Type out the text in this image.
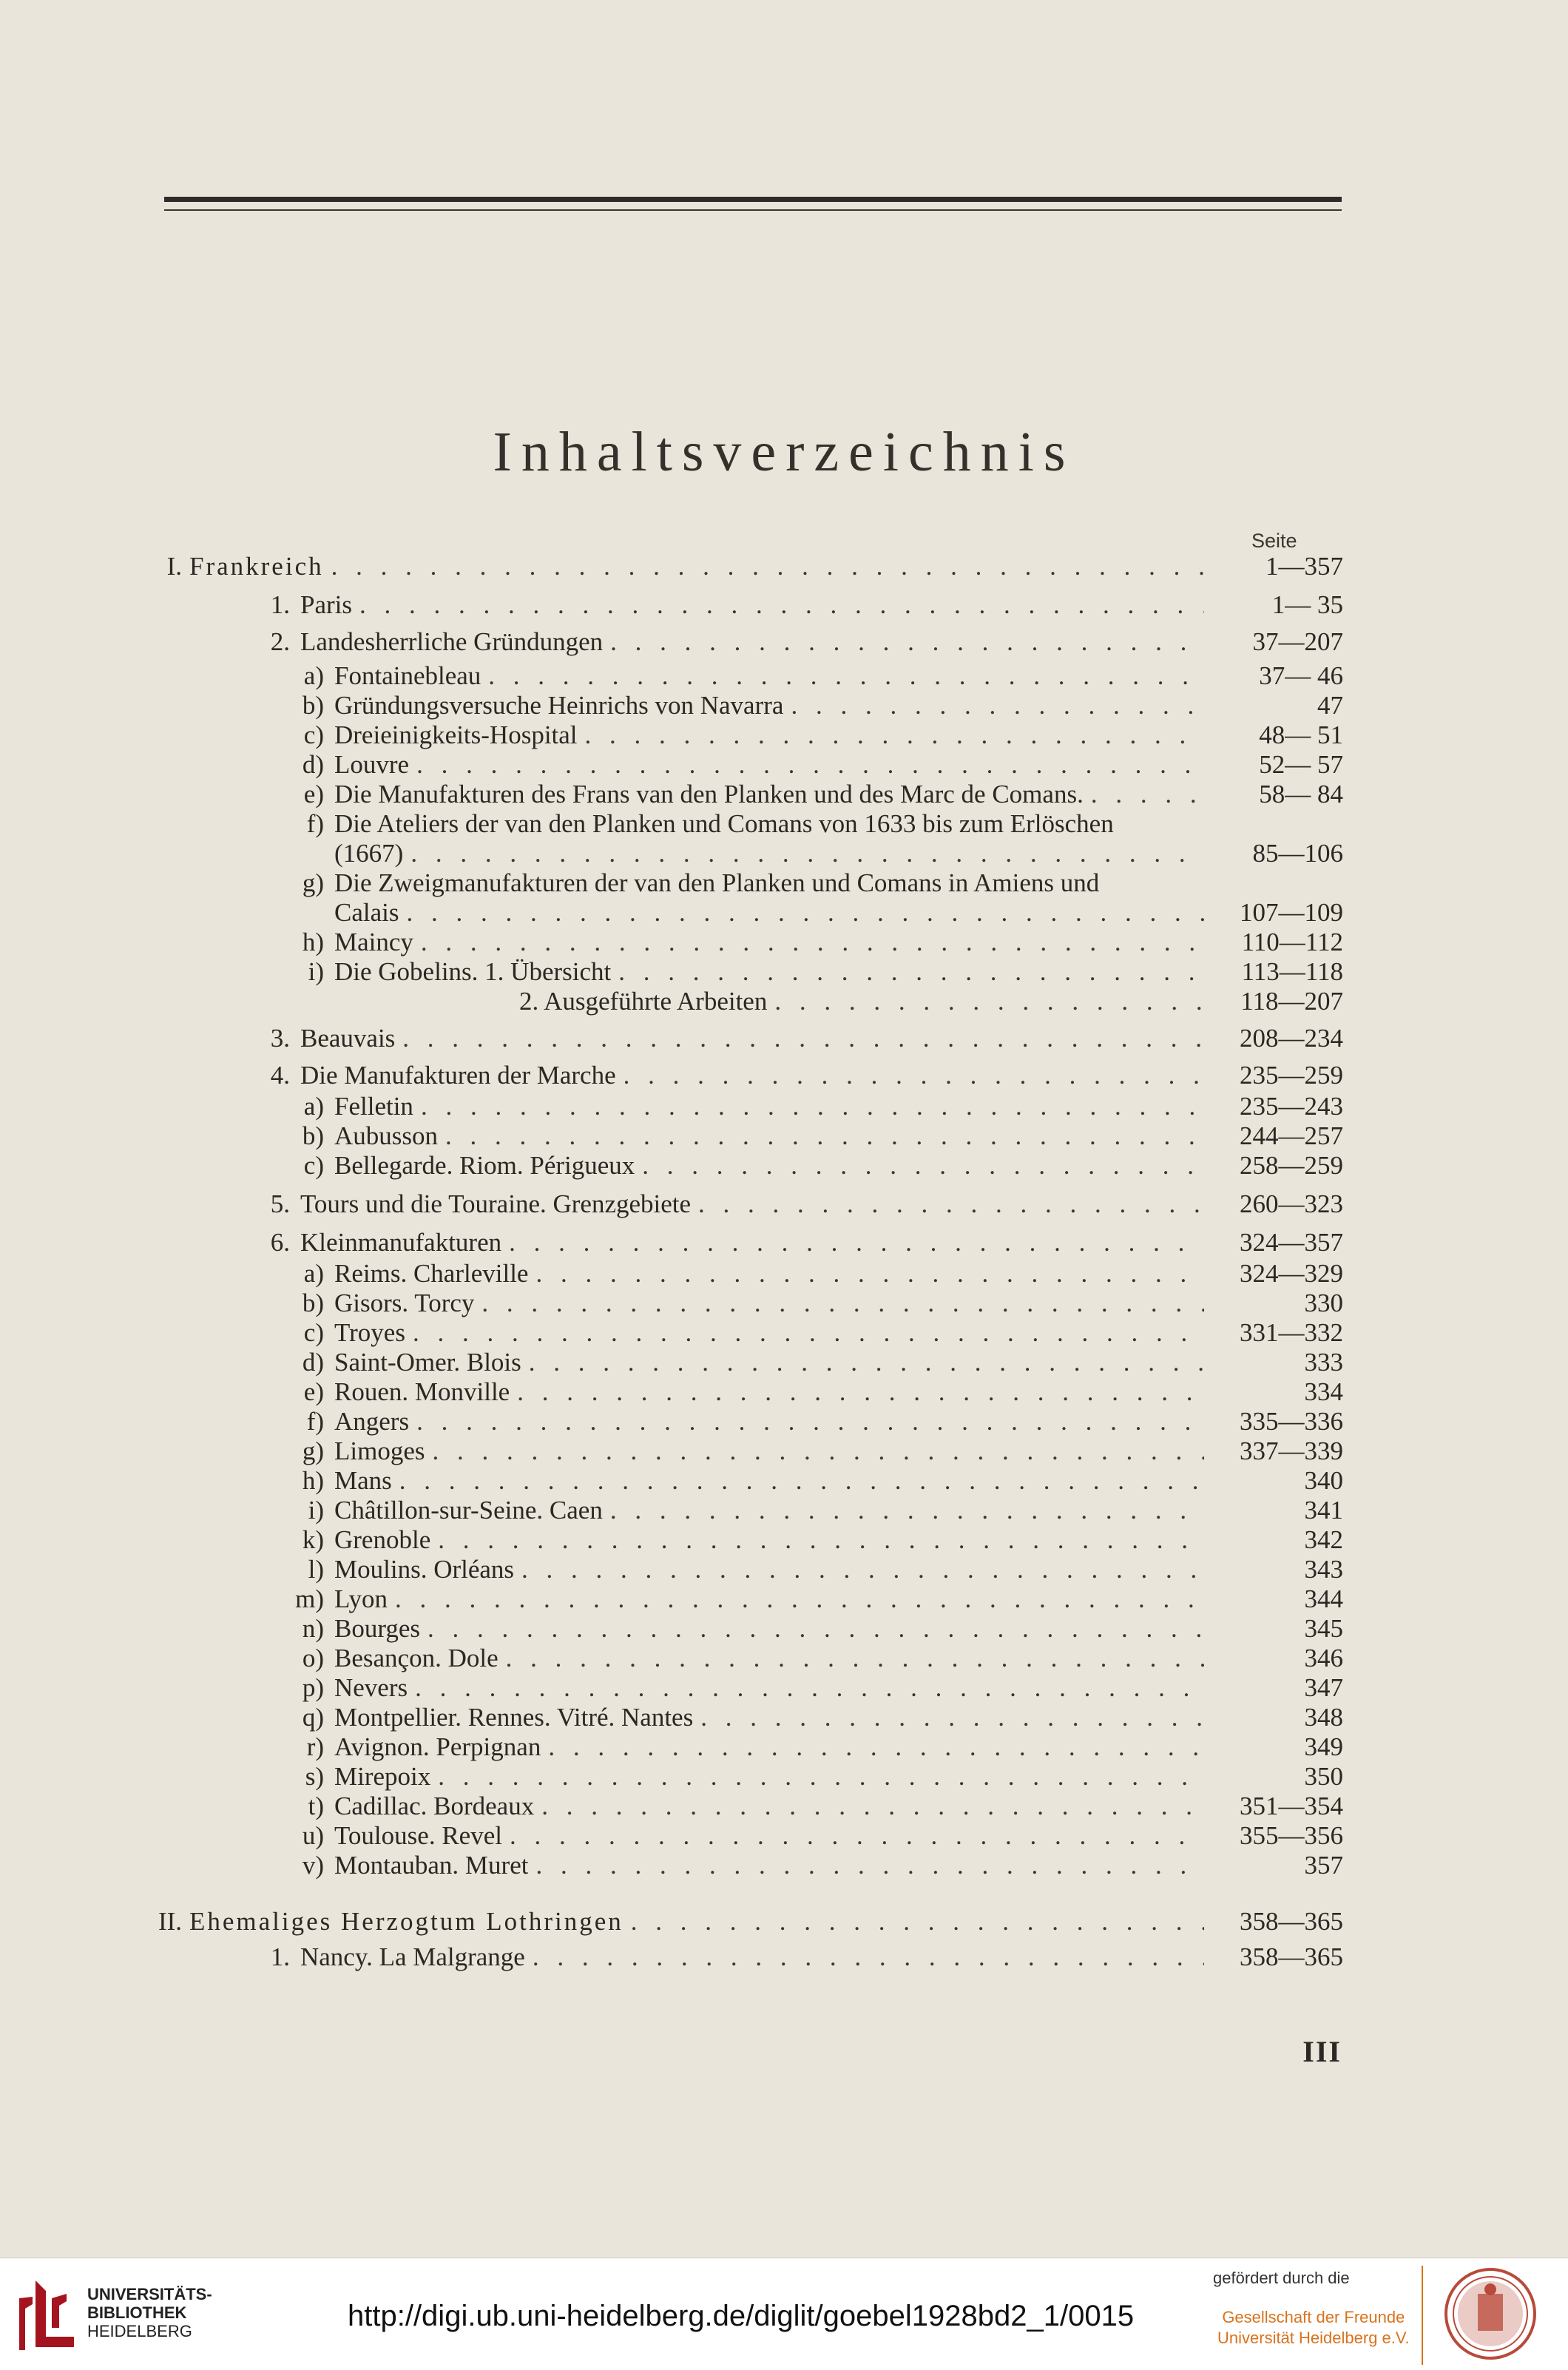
Inhaltsverzeichnis
Seite
I. Frankreich . . .	1—357
1. Paris . . .	1— 35
2. Landesherrliche Gründungen . . .	37—207
a) Fontainebleau . . .	37— 46
b) Gründungsversuche Heinrichs von Navarra . . .	47
c) Dreieinigkeits-Hospital . . .	48— 51
d) Louvre . . .	52— 57
e) Die Manufakturen des Frans van den Planken und des Marc de Comans. . . .	58— 84
f) Die Ateliers der van den Planken und Comans von 1633 bis zum Erlöschen
(1667) . . .	85—106
g) Die Zweigmanufakturen der van den Planken und Comans in Amiens und
Calais . . .	107—109
h) Maincy . . .	110—112
i) Die Gobelins. 1. Übersicht . . .	113—118
2. Ausgeführte Arbeiten . . .	118—207
3. Beauvais . . .	208—234
4. Die Manufakturen der Marche . . .	235—259
a) Felletin . . .	235—243
b) Aubusson . . .	244—257
c) Bellegarde. Riom. Périgueux . . .	258—259
5. Tours und die Touraine. Grenzgebiete . . .	260—323
6. Kleinmanufakturen . . .	324—357
a) Reims. Charleville . . .	324—329
b) Gisors. Torcy . . .	330
c) Troyes . . .	331—332
d) Saint-Omer. Blois . . .	333
e) Rouen. Monville . . .	334
f) Angers . . .	335—336
g) Limoges . . .	337—339
h) Mans . . .	340
i) Châtillon-sur-Seine. Caen . . .	341
k) Grenoble . . .	342
l) Moulins. Orléans . . .	343
m) Lyon . . .	344
n) Bourges . . .	345
o) Besançon. Dole . . .	346
p) Nevers . . .	347
q) Montpellier. Rennes. Vitré. Nantes . . .	348
r) Avignon. Perpignan . . .	349
s) Mirepoix . . .	350
t) Cadillac. Bordeaux . . .	351—354
u) Toulouse. Revel . . .	355—356
v) Montauban. Muret . . .	357
II. Ehemaliges Herzogtum Lothringen . . .	358—365
1. Nancy. La Malgrange . . .	358—365
III
UNIVERSITÄTS-
BIBLIOTHEK
HEIDELBERG	http://digi.ub.uni-heidelberg.de/diglit/goebel1928bd2_1/0015
gefördert durch die
Gesellschaft der Freunde
Universität Heidelberg e.V.
